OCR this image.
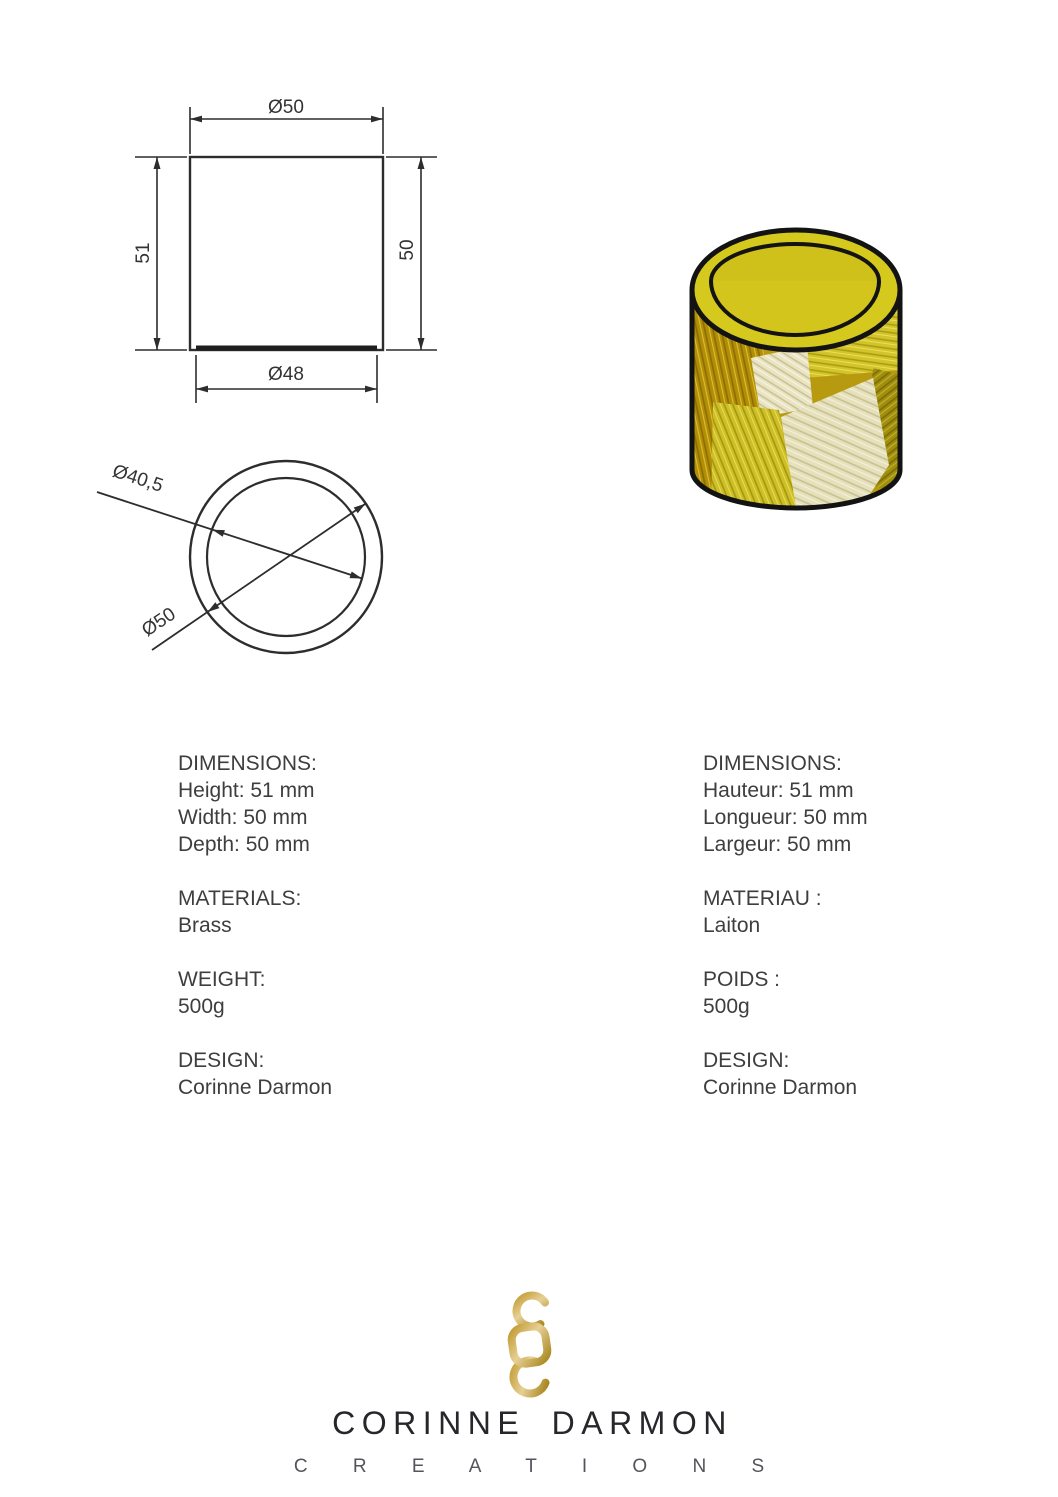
Ø50
51	50
Ø48
Ø40,5
Ø50
DIMENSIONS:
Height: 51 mm
Width: 50 mm
Depth: 50 mm
MATERIALS:
Brass
WEIGHT:
500g
DESIGN:
Corinne Darmon
DIMENSIONS:
Hauteur: 51 mm
Longueur: 50 mm
Largeur: 50 mm
MATERIAU :
Laiton
POIDS :
500g
DESIGN:
Corinne Darmon
CORINNE DARMON
C R E A T I O N S
